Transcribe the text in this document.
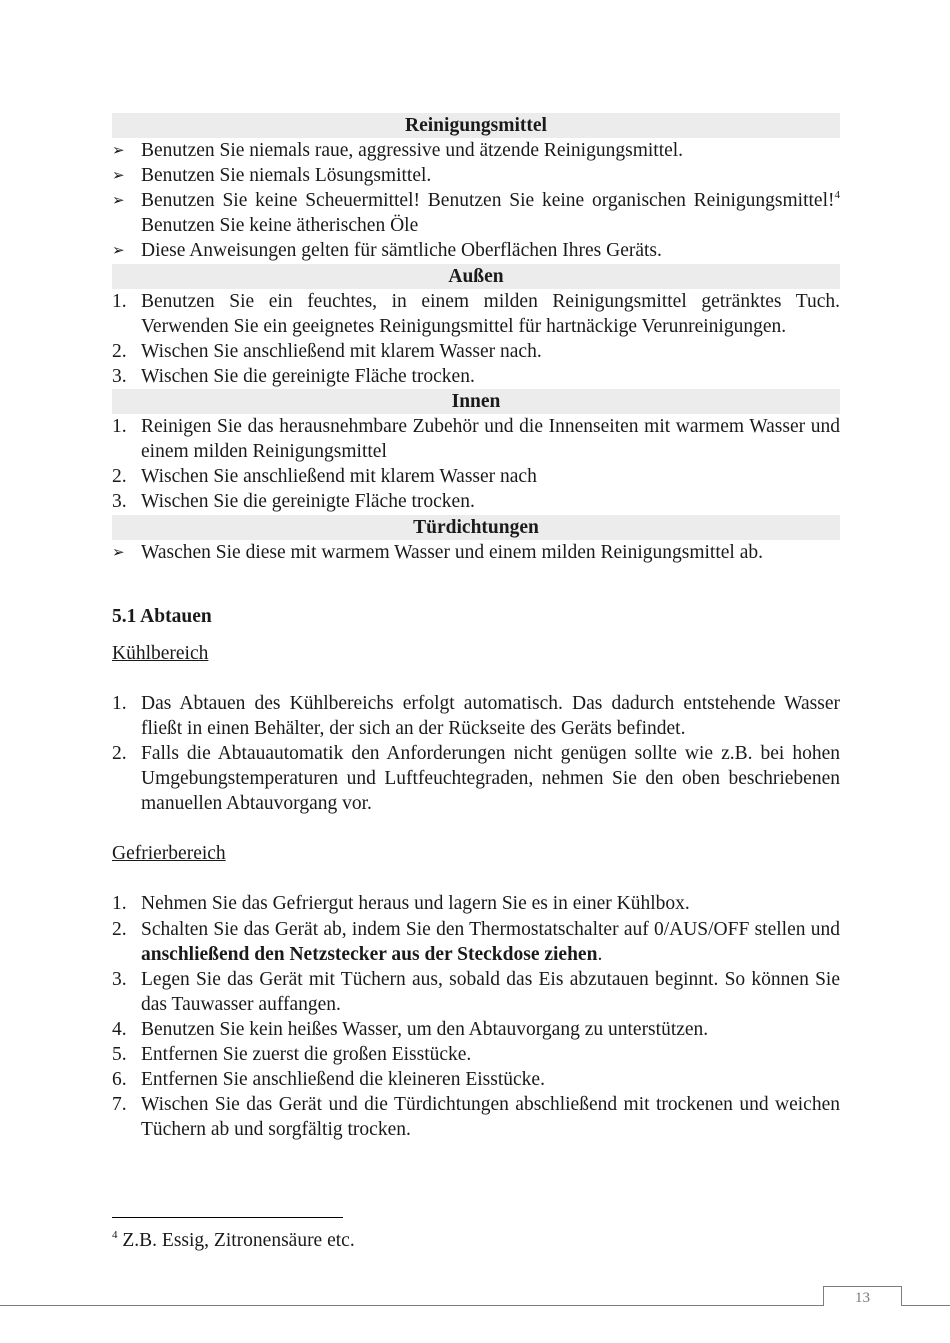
Reinigungsmittel
➢ Benutzen Sie niemals raue, aggressive und ätzende Reinigungsmittel.
➢ Benutzen Sie niemals Lösungsmittel.
➢ Benutzen Sie keine Scheuermittel! Benutzen Sie keine organischen Reinigungsmittel!$^4$ Benutzen Sie keine ätherischen Öle
➢ Diese Anweisungen gelten für sämtliche Oberflächen Ihres Geräts.
Außen
1. Benutzen Sie ein feuchtes, in einem milden Reinigungsmittel getränktes Tuch. Verwenden Sie ein geeignetes Reinigungsmittel für hartnäckige Verunreinigungen.
2. Wischen Sie anschließend mit klarem Wasser nach.
3. Wischen Sie die gereinigte Fläche trocken.
Innen
1. Reinigen Sie das herausnehmbare Zubehör und die Innenseiten mit warmem Wasser und einem milden Reinigungsmittel
2. Wischen Sie anschließend mit klarem Wasser nach
3. Wischen Sie die gereinigte Fläche trocken.
Türdichtungen
➢ Waschen Sie diese mit warmem Wasser und einem milden Reinigungsmittel ab.
5.1 Abtauen
Kühlbereich
1. Das Abtauen des Kühlbereichs erfolgt automatisch. Das dadurch entstehende Wasser fließt in einen Behälter, der sich an der Rückseite des Geräts befindet.
2. Falls die Abtauautomatik den Anforderungen nicht genügen sollte wie z.B. bei hohen Umgebungstemperaturen und Luftfeuchtegraden, nehmen Sie den oben beschriebenen manuellen Abtauvorgang vor.
Gefrierbereich
1. Nehmen Sie das Gefriergut heraus und lagern Sie es in einer Kühlbox.
2. Schalten Sie das Gerät ab, indem Sie den Thermostatschalter auf 0/AUS/OFF stellen und anschließend den Netzstecker aus der Steckdose ziehen.
3. Legen Sie das Gerät mit Tüchern aus, sobald das Eis abzutauen beginnt. So können Sie das Tauwasser auffangen.
4. Benutzen Sie kein heißes Wasser, um den Abtauvorgang zu unterstützen.
5. Entfernen Sie zuerst die großen Eisstücke.
6. Entfernen Sie anschließend die kleineren Eisstücke.
7. Wischen Sie das Gerät und die Türdichtungen abschließend mit trockenen und weichen Tüchern ab und sorgfältig trocken.
$^4$ Z.B. Essig, Zitronensäure etc.
13
